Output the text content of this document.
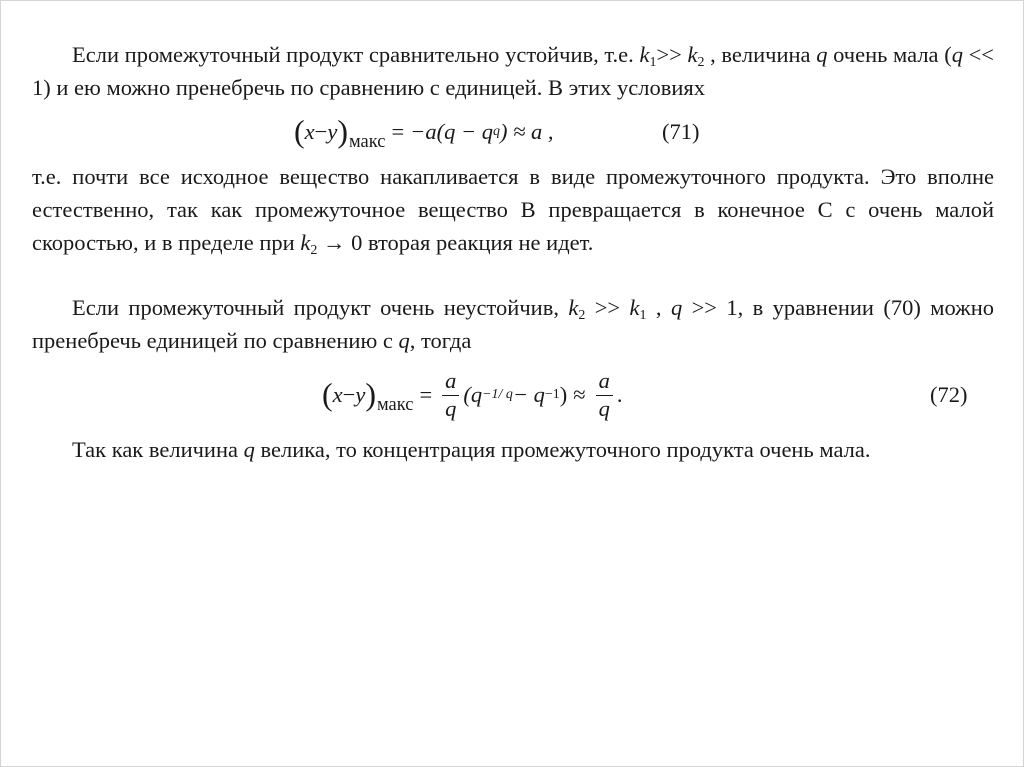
Если промежуточный продукт сравнительно устойчив, т.е. $k_1>> k_2$ , величина q очень мала (q << 1) и ею можно пренебречь по сравнению с единицей. В этих условиях

( x − y ) макс = −a(q − q q ) ≈ a ,	(71)

т.е. почти все исходное вещество накапливается в виде промежуточного продукта. Это вполне естественно, так как промежуточное вещество B превращается в конечное C с очень малой скоростью, и в пределе при $k_2 \to 0$ вторая реакция не идет.

Если промежуточный продукт очень неустойчив, $k_2 >> k_1$ , q >> 1, в уравнении (70) можно пренебречь единицей по сравнению с q, тогда

( x − y ) макс = $\frac{a}{q} (q -1/$ q − q −1 ) ≈ $\frac{a}{q}$ .	(72)

Так как величина q велика, то концентрация промежуточного продукта очень мала.
